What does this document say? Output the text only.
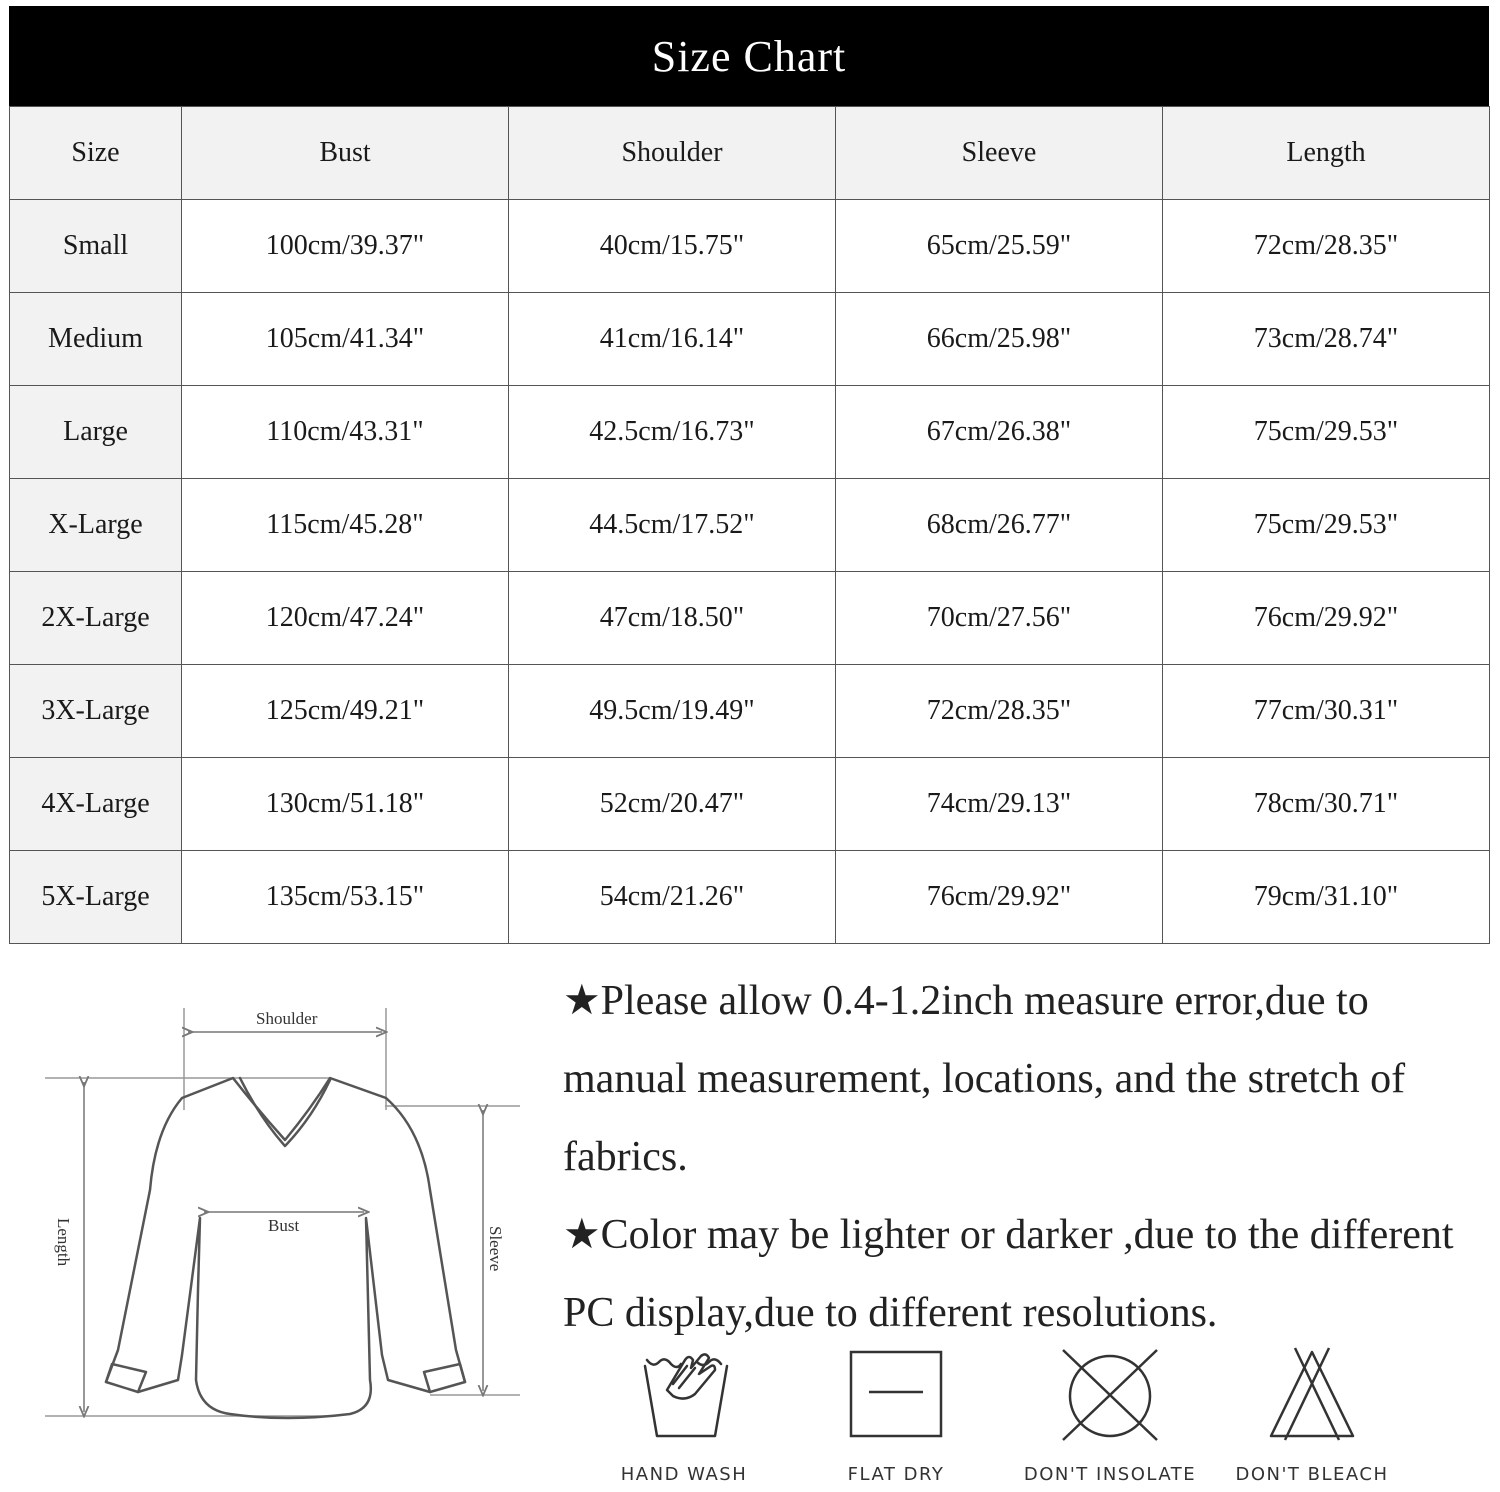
Size Chart
Size	Bust	Shoulder	Sleeve	Length
Small	100cm/39.37"	40cm/15.75"	65cm/25.59"	72cm/28.35"
Medium	105cm/41.34"	41cm/16.14"	66cm/25.98"	73cm/28.74"
Large	110cm/43.31"	42.5cm/16.73"	67cm/26.38"	75cm/29.53"
X-Large	115cm/45.28"	44.5cm/17.52"	68cm/26.77"	75cm/29.53"
2X-Large	120cm/47.24"	47cm/18.50"	70cm/27.56"	76cm/29.92"
3X-Large	125cm/49.21"	49.5cm/19.49"	72cm/28.35"	77cm/30.31"
4X-Large	130cm/51.18"	52cm/20.47"	74cm/29.13"	78cm/30.71"
5X-Large	135cm/53.15"	54cm/21.26"	76cm/29.92"	79cm/31.10"
Shoulder
Bust
Length	Sleeve

★Please allow 0.4-1.2inch measure error,due to manual measurement, locations, and the stretch of fabrics.

★Color may be lighter or darker ,due to the different PC display,due to different resolutions.

HAND WASH	FLAT DRY	DON'T INSOLATE	DON'T BLEACH
